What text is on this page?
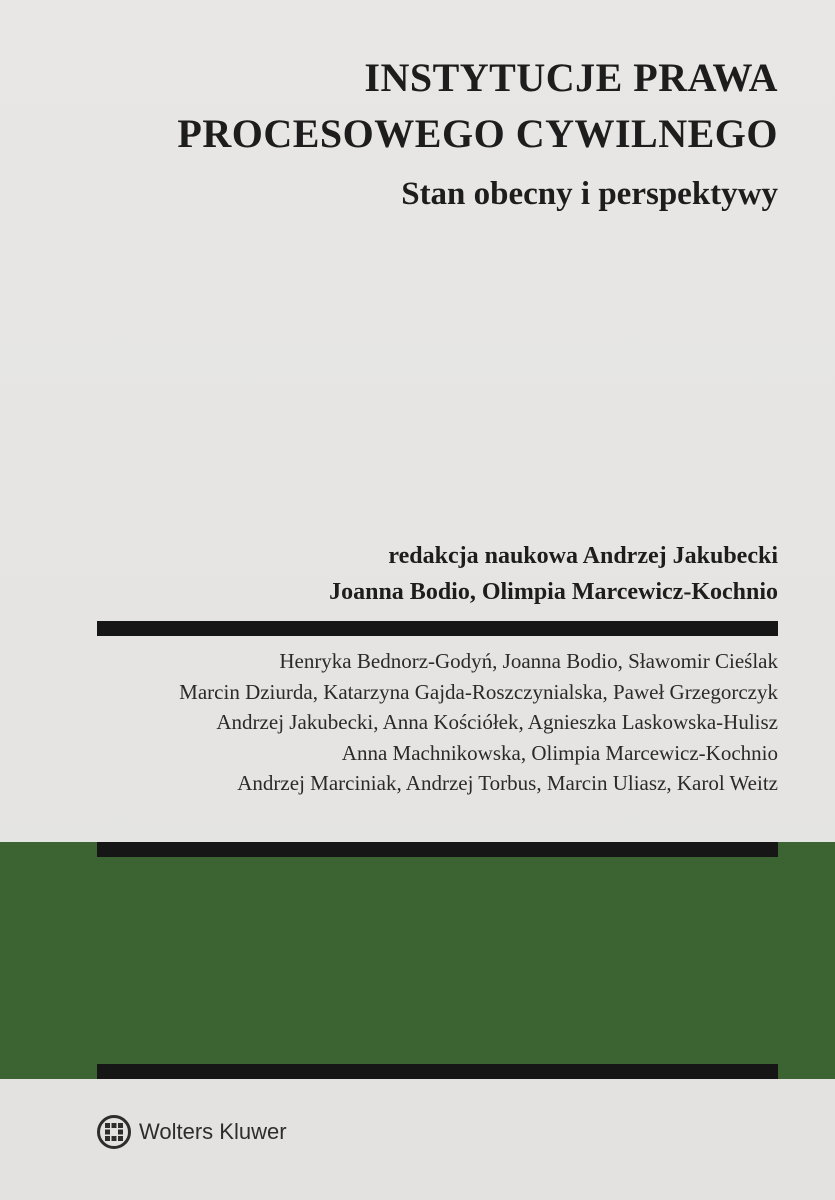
INSTYTUCJE PRAWA
PROCESOWEGO CYWILNEGO
Stan obecny i perspektywy
redakcja naukowa Andrzej Jakubecki
Joanna Bodio, Olimpia Marcewicz-Kochnio
Henryka Bednorz-Godyń, Joanna Bodio, Sławomir Cieślak
Marcin Dziurda, Katarzyna Gajda-Roszczynialska, Paweł Grzegorczyk
Andrzej Jakubecki, Anna Kościółek, Agnieszka Laskowska-Hulisz
Anna Machnikowska, Olimpia Marcewicz-Kochnio
Andrzej Marciniak, Andrzej Torbus, Marcin Uliasz, Karol Weitz
Wolters Kluwer
